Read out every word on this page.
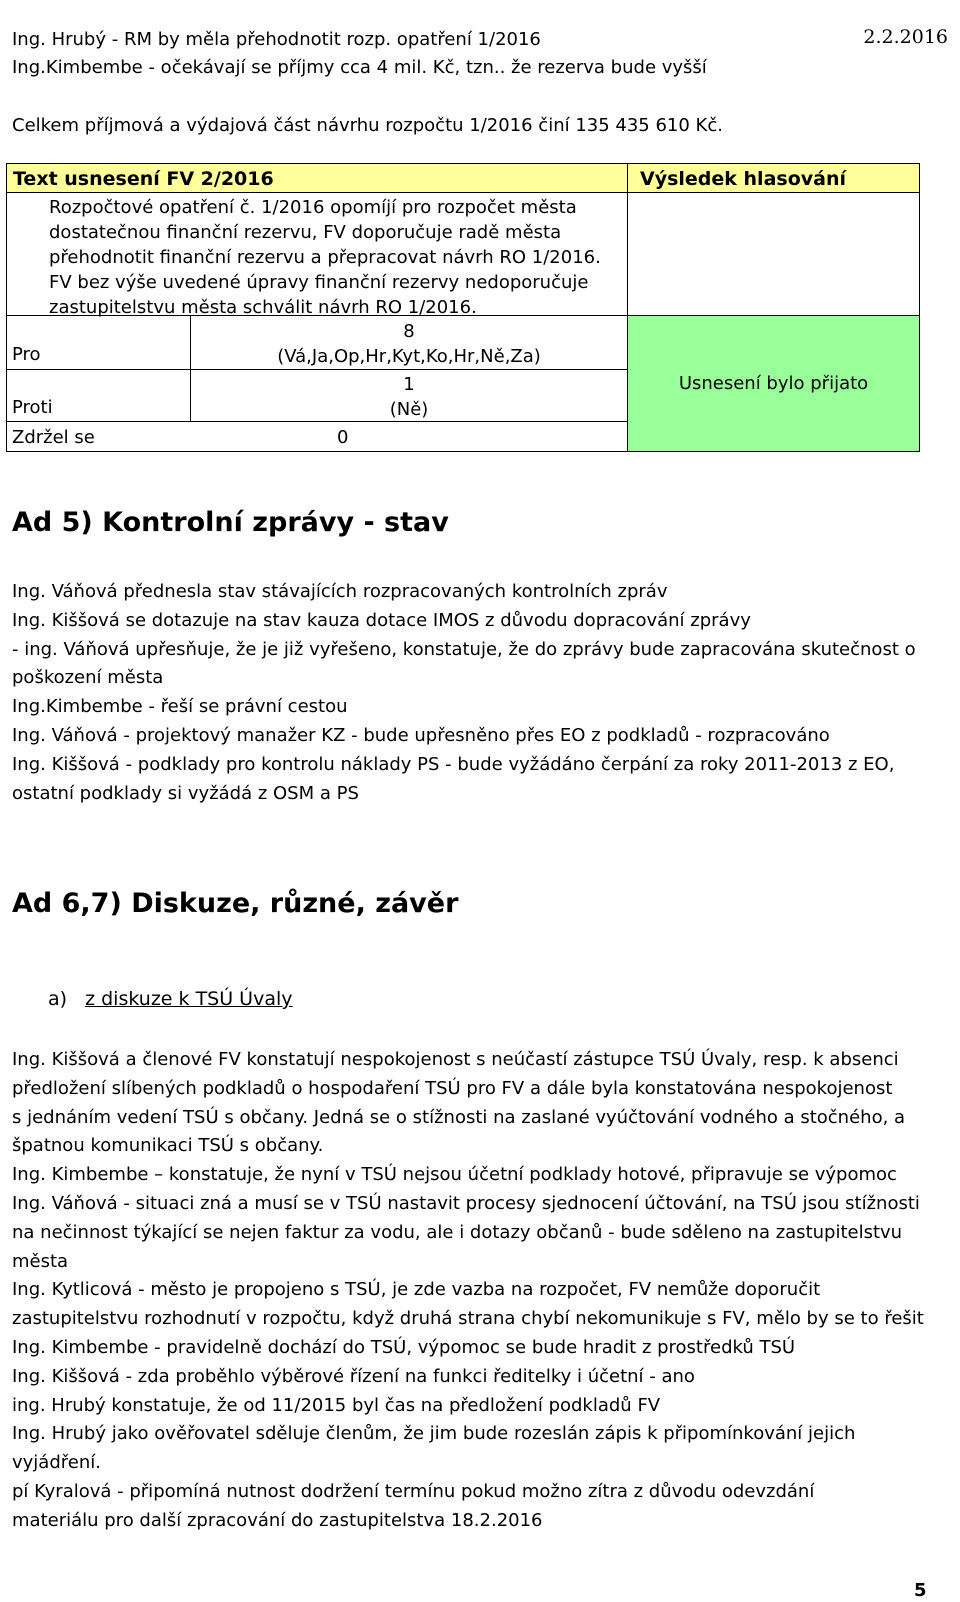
Ing. Hrubý - RM by měla přehodnotit rozp. opatření 1/2016
Ing.Kimbembe - očekávají se příjmy cca 4 mil. Kč, tzn.. že rezerva bude vyšší
2.2.2016
Celkem příjmová a výdajová část návrhu rozpočtu 1/2016 činí 135 435 610 Kč.
Text usnesení FV 2/2016	Výsledek hlasování
Rozpočtové opatření č. 1/2016 opomíjí pro rozpočet města
dostatečnou finanční rezervu, FV doporučuje radě města
přehodnotit finanční rezervu a přepracovat návrh RO 1/2016.
FV bez výše uvedené úpravy finanční rezervy nedoporučuje
zastupitelstvu města schválit návrh RO 1/2016.
Pro
8
(Vá,Ja,Op,Hr,Kyt,Ko,Hr,Ně,Za)
Proti
1
(Ně)
Zdržel se	0
Usnesení bylo přijato
Ad 5) Kontrolní zprávy - stav

Ing. Váňová přednesla stav stávajících rozpracovaných kontrolních zpráv

Ing. Kiššová se dotazuje na stav kauza dotace IMOS z důvodu dopracování zprávy

- ing. Váňová upřesňuje, že je již vyřešeno, konstatuje, že do zprávy bude zapracována skutečnost o

poškození města

Ing.Kimbembe - řeší se právní cestou

Ing. Váňová - projektový manažer KZ - bude upřesněno přes EO z podkladů - rozpracováno

Ing. Kiššová - podklady pro kontrolu náklady PS - bude vyžádáno čerpání za roky 2011-2013 z EO,

ostatní podklady si vyžádá z OSM a PS

Ad 6,7) Diskuze, různé, závěr
a) z diskuze k TSÚ Úvaly

Ing. Kiššová a členové FV konstatují nespokojenost s neúčastí zástupce TSÚ Úvaly, resp. k absenci

předložení slíbených podkladů o hospodaření TSÚ pro FV a dále byla konstatována nespokojenost

s jednáním vedení TSÚ s občany. Jedná se o stížnosti na zaslané vyúčtování vodného a stočného, a

špatnou komunikaci TSÚ s občany.

Ing. Kimbembe – konstatuje, že nyní v TSÚ nejsou účetní podklady hotové, připravuje se výpomoc

Ing. Váňová - situaci zná a musí se v TSÚ nastavit procesy sjednocení účtování, na TSÚ jsou stížnosti

na nečinnost týkající se nejen faktur za vodu, ale i dotazy občanů - bude sděleno na zastupitelstvu

města

Ing. Kytlicová - město je propojeno s TSÚ, je zde vazba na rozpočet, FV nemůže doporučit

zastupitelstvu rozhodnutí v rozpočtu, když druhá strana chybí nekomunikuje s FV, mělo by se to řešit

Ing. Kimbembe - pravidelně dochází do TSÚ, výpomoc se bude hradit z prostředků TSÚ

Ing. Kiššová - zda proběhlo výběrové řízení na funkci ředitelky i účetní - ano

ing. Hrubý konstatuje, že od 11/2015 byl čas na předložení podkladů FV

Ing. Hrubý jako ověřovatel sděluje členům, že jim bude rozeslán zápis k připomínkování jejich

vyjádření.

pí Kyralová - připomíná nutnost dodržení termínu pokud možno zítra z důvodu odevzdání

materiálu pro další zpracování do zastupitelstva 18.2.2016

5
